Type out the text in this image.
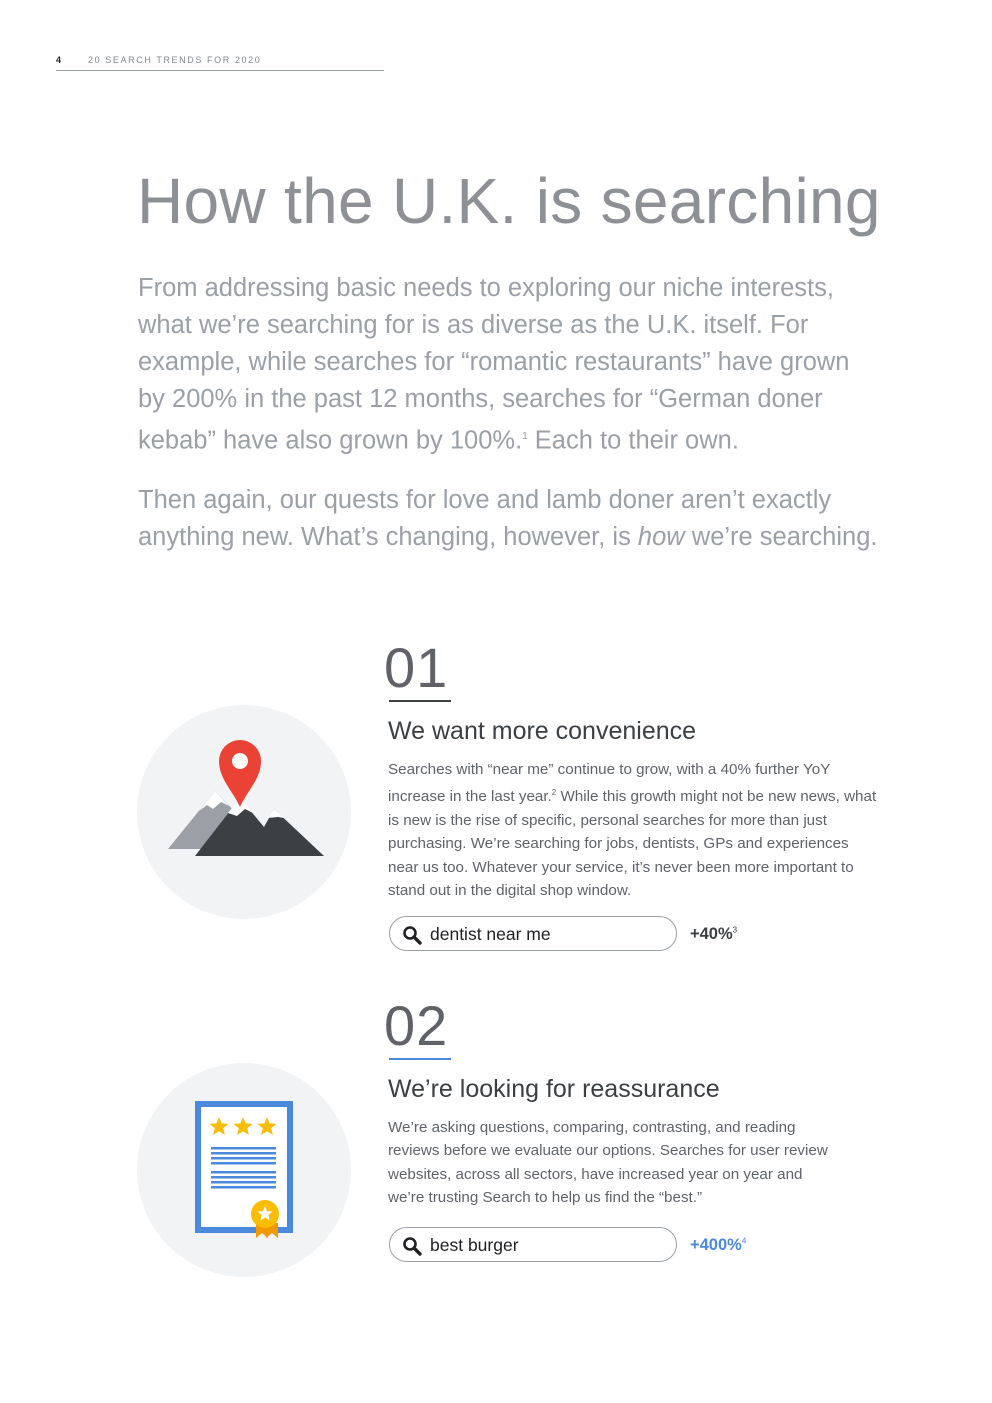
4	20 SEARCH TRENDS FOR 2020
How the U.K. is searching

From addressing basic needs to exploring our niche interests, what we’re searching for is as diverse as the U.K. itself. For example, while searches for “romantic restaurants” have grown by 200% in the past 12 months, searches for “German doner kebab” have also grown by 100%.$^1$ Each to their own.

Then again, our quests for love and lamb doner aren’t exactly anything new. What’s changing, however, is how we’re searching.

01
We want more convenience

Searches with “near me” continue to grow, with a 40% further YoY increase in the last year.$^2$ While this growth might not be new news, what is new is the rise of specific, personal searches for more than just purchasing. We’re searching for jobs, dentists, GPs and experiences near us too. Whatever your service, it’s never been more important to stand out in the digital shop window.

dentist near me	+40%$^3$
02
We’re looking for reassurance

We’re asking questions, comparing, contrasting, and reading reviews before we evaluate our options. Searches for user review websites, across all sectors, have increased year on year and we’re trusting Search to help us find the “best.”

best burger	+400%$^4$
